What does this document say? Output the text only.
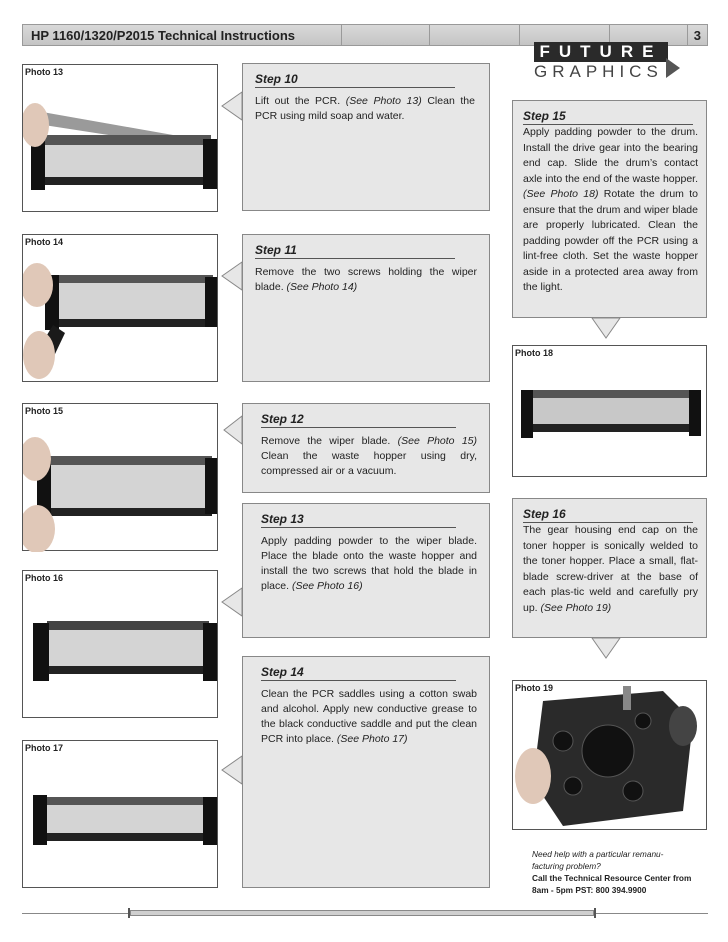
HP 1160/1320/P2015 Technical Instructions	3
FUTURE
GRAPHICS
Photo 13
Photo 14
Photo 15
Photo 16
Photo 17
Photo 18
Photo 19
Step 10
Lift out the PCR. (See Photo 13) Clean the PCR using mild soap and water.
Step 11
Remove the two screws holding the wiper blade. (See Photo 14)
Step 12
Remove the wiper blade. (See Photo 15) Clean the waste hopper using dry, compressed air or a vacuum.
Step 13
Apply padding powder to the wiper blade. Place the blade onto the waste hopper and install the two screws that hold the blade in place. (See Photo 16)
Step 14
Clean the PCR saddles using a cotton swab and alcohol. Apply new conductive grease to the black conductive saddle and put the clean PCR into place. (See Photo 17)
Step 15
Apply padding powder to the drum. Install the drive gear into the bearing end cap. Slide the drum’s contact axle into the end of the waste hopper. (See Photo 18) Rotate the drum to ensure that the drum and wiper blade are properly lubricated. Clean the padding powder off the PCR using a lint-free cloth. Set the waste hopper aside in a protected area away from the light.
Step 16
The gear housing end cap on the toner hopper is sonically welded to the toner hopper. Place a small, flat-blade screw-driver at the base of each plas-tic weld and carefully pry up. (See Photo 19)
Need help with a particular remanu-facturing problem?
Call the Technical Resource Center from 8am - 5pm PST: 800 394.9900
